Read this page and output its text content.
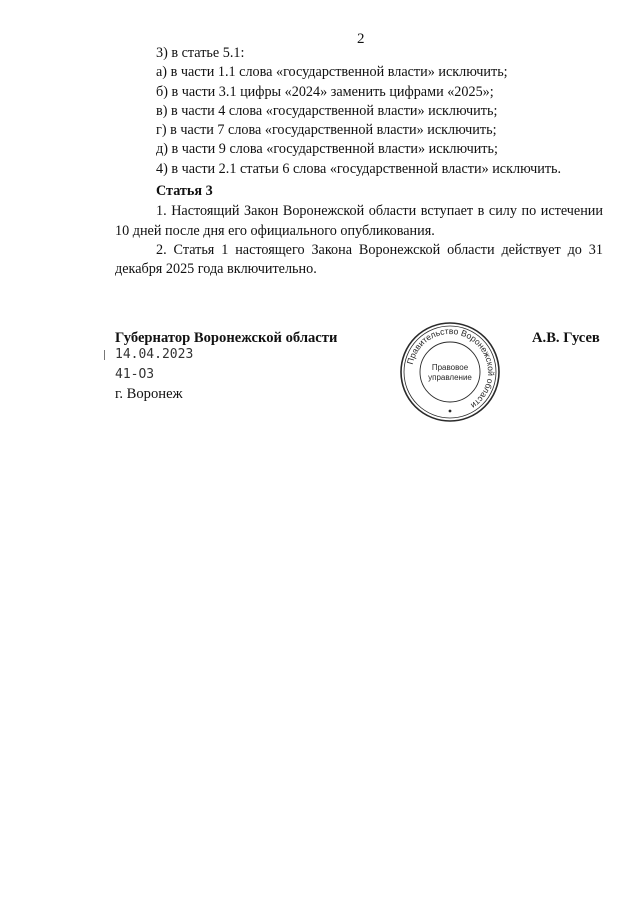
2
3) в статье 5.1:
а) в части 1.1 слова «государственной власти» исключить;
б) в части 3.1 цифры «2024» заменить цифрами «2025»;
в) в части 4 слова «государственной власти» исключить;
г) в части 7 слова «государственной власти» исключить;
д) в части 9 слова «государственной власти» исключить;
4) в части 2.1 статьи 6 слова «государственной власти» исключить.
Статья 3

1. Настоящий Закон Воронежской области вступает в силу по истечении 10 дней после дня его официального опубликования.

2. Статья 1 настоящего Закона Воронежской области действует до 31 декабря 2025 года включительно.

Губернатор Воронежской области	А.В. Гусев
14.04.2023
41-ОЗ
г. Воронеж
Правительство Воронежской области
Правовое
управление
